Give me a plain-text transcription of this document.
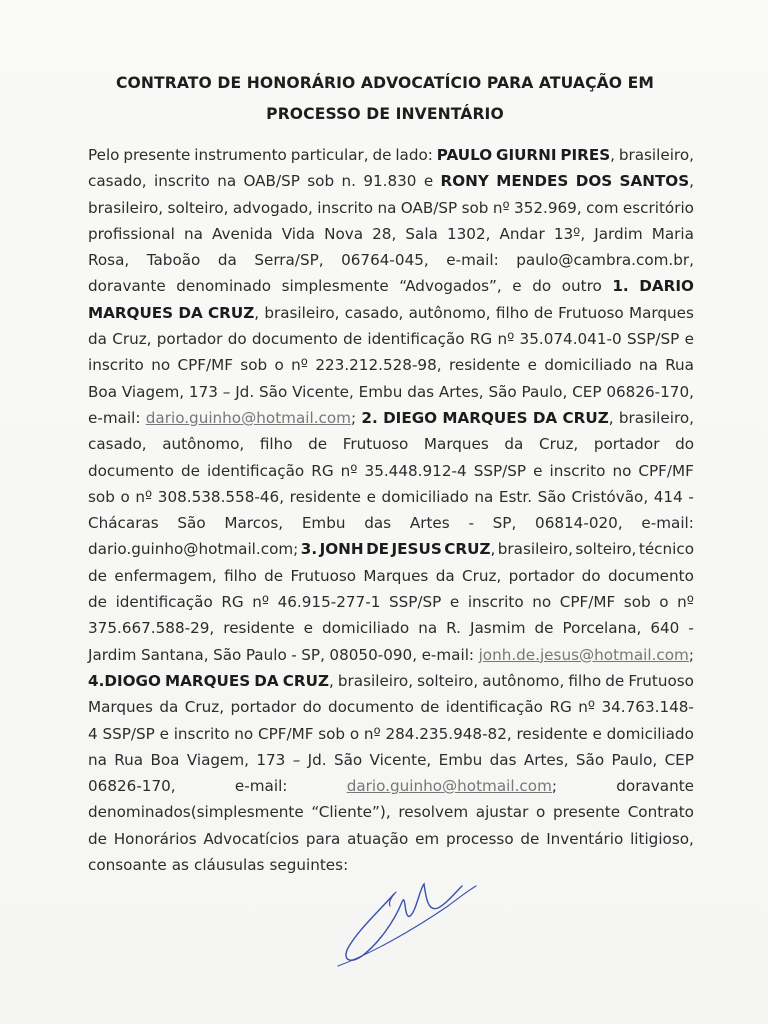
CONTRATO DE HONORÁRIO ADVOCATÍCIO PARA ATUAÇÃO EM
PROCESSO DE INVENTÁRIO
Pelo presente instrumento particular, de lado: PAULO GIURNI PIRES, brasileiro,
casado, inscrito na OAB/SP sob n. 91.830 e RONY MENDES DOS SANTOS,
brasileiro, solteiro, advogado, inscrito na OAB/SP sob nº 352.969, com escritório
profissional na Avenida Vida Nova 28, Sala 1302, Andar 13º, Jardim Maria
Rosa, Taboão da Serra/SP, 06764-045, e-mail: paulo@cambra.com.br,
doravante denominado simplesmente “Advogados”, e do outro 1. DARIO
MARQUES DA CRUZ, brasileiro, casado, autônomo, filho de Frutuoso Marques
da Cruz, portador do documento de identificação RG nº 35.074.041-0 SSP/SP e
inscrito no CPF/MF sob o nº 223.212.528-98, residente e domiciliado na Rua
Boa Viagem, 173 – Jd. São Vicente, Embu das Artes, São Paulo, CEP 06826-170,
e-mail: dario.guinho@hotmail.com; 2. DIEGO MARQUES DA CRUZ, brasileiro,
casado, autônomo, filho de Frutuoso Marques da Cruz, portador do
documento de identificação RG nº 35.448.912-4 SSP/SP e inscrito no CPF/MF
sob o nº 308.538.558-46, residente e domiciliado na Estr. São Cristóvão, 414 -
Chácaras São Marcos, Embu das Artes - SP, 06814-020, e-mail:
dario.guinho@hotmail.com; 3. JONH DE JESUS CRUZ, brasileiro, solteiro, técnico
de enfermagem, filho de Frutuoso Marques da Cruz, portador do documento
de identificação RG nº 46.915-277-1 SSP/SP e inscrito no CPF/MF sob o nº
375.667.588-29, residente e domiciliado na R. Jasmim de Porcelana, 640 -
Jardim Santana, São Paulo - SP, 08050-090, e-mail: jonh.de.jesus@hotmail.com;
4.DIOGO MARQUES DA CRUZ, brasileiro, solteiro, autônomo, filho de Frutuoso
Marques da Cruz, portador do documento de identificação RG nº 34.763.148-
4 SSP/SP e inscrito no CPF/MF sob o nº 284.235.948-82, residente e domiciliado
na Rua Boa Viagem, 173 – Jd. São Vicente, Embu das Artes, São Paulo, CEP
06826-170,	e-mail:	dario.guinho@hotmail.com;	doravante
denominados(simplesmente “Cliente”), resolvem ajustar o presente Contrato
de Honorários Advocatícios para atuação em processo de Inventário litigioso,
consoante as cláusulas seguintes:
